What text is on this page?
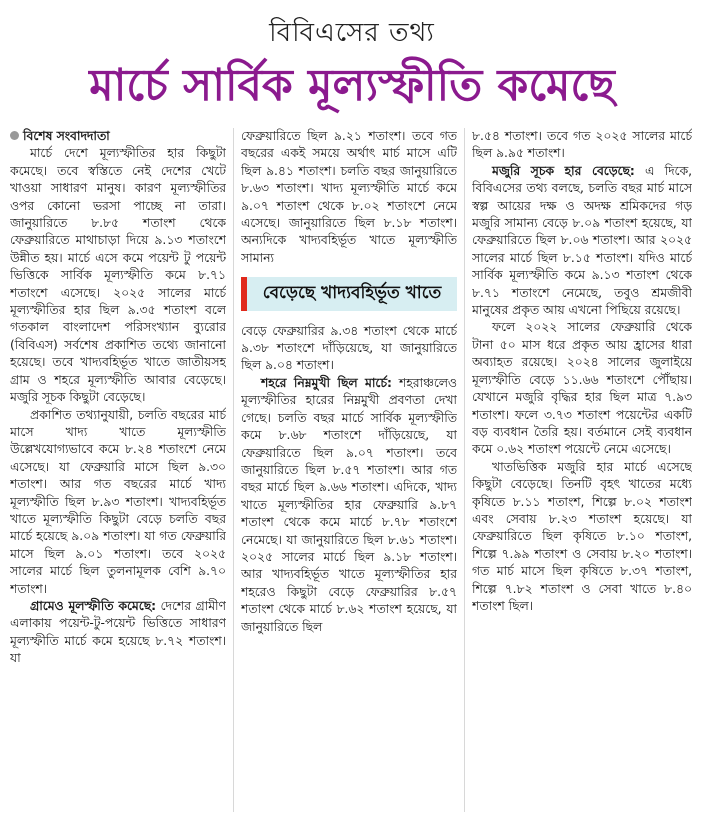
বিবিএসের তথ্য
মার্চে সার্বিক মূল্যস্ফীতি কমেছে
বিশেষ সংবাদদাতা

মার্চে দেশে মূল্যস্ফীতির হার কিছুটা কমেছে। তবে স্বস্তিতে নেই দেশের খেটে খাওয়া সাধারণ মানুষ। কারণ মূল্যস্ফীতির ওপর কোনো ভরসা পাচ্ছে না তারা। জানুয়ারিতে ৮.৮৫ শতাংশ থেকে ফেব্রুয়ারিতে মাথাচাড়া দিয়ে ৯.১৩ শতাংশে উন্নীত হয়। মার্চে এসে কমে পয়েন্ট টু পয়েন্ট ভিত্তিকে সার্বিক মূল্যস্ফীতি কমে ৮.৭১ শতাংশে এসেছে। ২০২৫ সালের মার্চে মূল্যস্ফীতির হার ছিল ৯.৩৫ শতাংশ বলে গতকাল বাংলাদেশ পরিসংখ্যান ব্যুরোর (বিবিএস) সর্বশেষ প্রকাশিত তথ্যে জানানো হয়েছে। তবে খাদ্যবহির্ভূত খাতে জাতীয়সহ গ্রাম ও শহরে মূল্যস্ফীতি আবার বেড়েছে। মজুরি সূচক কিছুটা বেড়েছে।

প্রকাশিত তথ্যানুযায়ী, চলতি বছরের মার্চ মাসে খাদ্য খাতে মূল্যস্ফীতি উল্লেখযোগ্যভাবে কমে ৮.২৪ শতাংশে নেমে এসেছে। যা ফেব্রুয়ারি মাসে ছিল ৯.৩০ শতাংশ। আর গত বছরের মার্চে খাদ্য মূল্যস্ফীতি ছিল ৮.৯৩ শতাংশ। খাদ্যবহির্ভূত খাতে মূল্যস্ফীতি কিছুটা বেড়ে চলতি বছর মার্চে হয়েছে ৯.০৯ শতাংশ। যা গত ফেব্রুয়ারি মাসে ছিল ৯.০১ শতাংশ। তবে ২০২৫ সালের মার্চে ছিল তুলনামূলক বেশি ৯.৭০ শতাংশ।

গ্রামেও মূলস্ফীতি কমেছে: দেশের গ্রামীণ এলাকায় পয়েন্ট-টু-পয়েন্ট ভিত্তিতে সাধারণ মূল্যস্ফীতি মার্চে কমে হয়েছে ৮.৭২ শতাংশ। যা

ফেব্রুয়ারিতে ছিল ৯.২১ শতাংশ। তবে গত বছরের একই সময়ে অর্থাৎ মার্চ মাসে এটি ছিল ৯.৪১ শতাংশ। চলতি বছর জানুয়ারিতে ৮.৬৩ শতাংশ। খাদ্য মূল্যস্ফীতি মার্চে কমে ৯.০৭ শতাংশ থেকে ৮.০২ শতাংশে নেমে এসেছে। জানুয়ারিতে ছিল ৮.১৮ শতাংশ। অন্যদিকে খাদ্যবহির্ভূত খাতে মূল্যস্ফীতি সামান্য

বেড়েছে খাদ্যবহির্ভূত খাতে

বেড়ে ফেব্রুয়ারির ৯.৩৪ শতাংশ থেকে মার্চে ৯.৩৮ শতাংশে দাঁড়িয়েছে, যা জানুয়ারিতে ছিল ৯.০৪ শতাংশ।

শহরে নিম্নমুখী ছিল মার্চে: শহরাঞ্চলেও মূল্যস্ফীতির হারের নিম্নমুখী প্রবণতা দেখা গেছে। চলতি বছর মার্চে সার্বিক মূল্যস্ফীতি কমে ৮.৬৮ শতাংশে দাঁড়িয়েছে, যা ফেব্রুয়ারিতে ছিল ৯.০৭ শতাংশ। তবে জানুয়ারিতে ছিল ৮.৫৭ শতাংশ। আর গত বছর মার্চে ছিল ৯.৬৬ শতাংশ। এদিকে, খাদ্য খাতে মূল্যস্ফীতির হার ফেব্রুয়ারি ৯.৮৭ শতাংশ থেকে কমে মার্চে ৮.৭৮ শতাংশে নেমেছে। যা জানুয়ারিতে ছিল ৮.৬১ শতাংশ। ২০২৫ সালের মার্চে ছিল ৯.১৮ শতাংশ। আর খাদ্যবহির্ভূত খাতে মূল্যস্ফীতির হার শহরেও কিছুটা বেড়ে ফেব্রুয়ারির ৮.৫৭ শতাংশ থেকে মার্চে ৮.৬২ শতাংশ হয়েছে, যা জানুয়ারিতে ছিল

৮.৫৪ শতাংশ। তবে গত ২০২৫ সালের মার্চে ছিল ৯.৯৫ শতাংশ।

মজুরি সূচক হার বেড়েছে: এ দিকে, বিবিএসের তথ্য বলছে, চলতি বছর মার্চ মাসে স্বল্প আয়ের দক্ষ ও অদক্ষ শ্রমিকদের গড় মজুরি সামান্য বেড়ে ৮.০৯ শতাংশ হয়েছে, যা ফেব্রুয়ারিতে ছিল ৮.০৬ শতাংশ। আর ২০২৫ সালের মার্চে ছিল ৮.১৫ শতাংশ। যদিও মার্চে সার্বিক মূল্যস্ফীতি কমে ৯.১৩ শতাংশ থেকে ৮.৭১ শতাংশে নেমেছে, তবুও শ্রমজীবী মানুষের প্রকৃত আয় এখনো পিছিয়ে রয়েছে।

ফলে ২০২২ সালের ফেব্রুয়ারি থেকে টানা ৫০ মাস ধরে প্রকৃত আয় হ্রাসের ধারা অব্যাহত রয়েছে। ২০২৪ সালের জুলাইয়ে মূল্যস্ফীতি বেড়ে ১১.৬৬ শতাংশে পৌঁছায়। যেখানে মজুরি বৃদ্ধির হার ছিল মাত্র ৭.৯৩ শতাংশ। ফলে ৩.৭৩ শতাংশ পয়েন্টের একটি বড় ব্যবধান তৈরি হয়। বর্তমানে সেই ব্যবধান কমে ০.৬২ শতাংশ পয়েন্টে নেমে এসেছে।

খাতভিত্তিক মজুরি হার মার্চে এসেছে কিছুটা বেড়েছে। তিনটি বৃহৎ খাতের মধ্যে কৃষিতে ৮.১১ শতাংশ, শিল্পে ৮.০২ শতাংশ এবং সেবায় ৮.২৩ শতাংশ হয়েছে। যা ফেব্রুয়ারিতে ছিল কৃষিতে ৮.১০ শতাংশ, শিল্পে ৭.৯৯ শতাংশ ও সেবায় ৮.২০ শতাংশ। গত মার্চ মাসে ছিল কৃষিতে ৮.৩৭ শতাংশ, শিল্পে ৭.৮২ শতাংশ ও সেবা খাতে ৮.৪০ শতাংশ ছিল।
